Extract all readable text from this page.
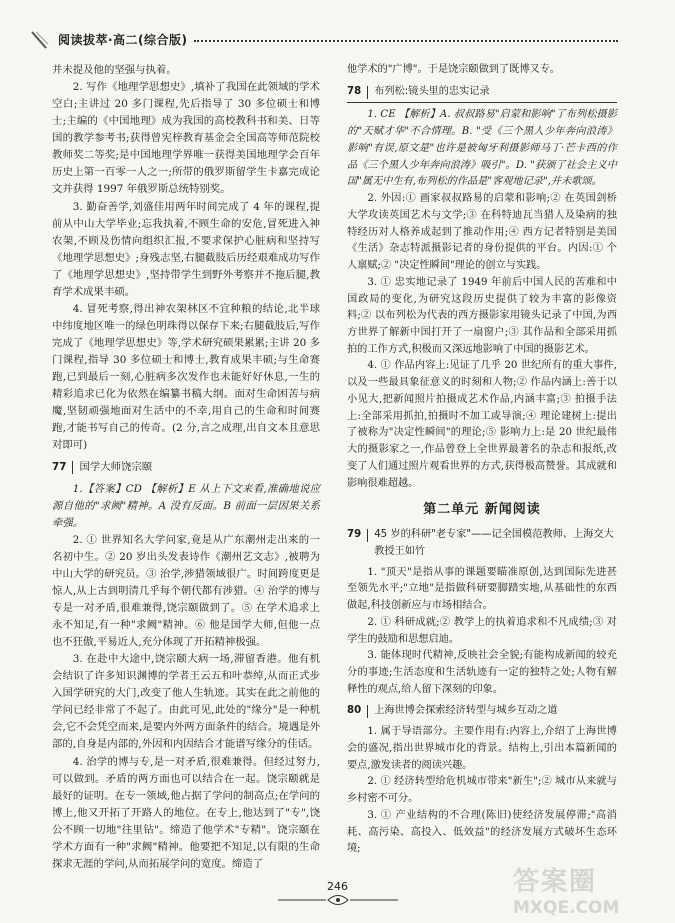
阅读拔萃·高二(综合版)

并未提及他的坚强与执着。

2. 写作《地理学思想史》,填补了我国在此领域的学术空白;主讲过 20 多门课程,先后指导了 30 多位硕士和博士;主编的《中国地理》成为我国的高校教科书和美、日等国的教学参考书;获得曾宪梓教育基金会全国高等师范院校教师奖二等奖;是中国地理学界唯一获得美国地理学会百年历史上第一百零一人之一;所带的俄罗斯留学生卡嘉完成论文并获得 1997 年俄罗斯总统特别奖。

3. 勤奋善学,刘盛佳用两年时间完成了 4 年的课程,提前从中山大学毕业;忘我执着,不顾生命的安危,冒死进入神农架,不顾及伤情向组织汇报,不要求保护心脏病和坚持写《地理学思想史》;身残志坚,右腿截肢后历经艰难成功写作了《地理学思想史》,坚持带学生到野外考察并不拖后腿,教育学术成果丰硕。

4. 冒死考察,得出神农架林区不宜种粮的结论,北半球中纬度地区唯一的绿色明珠得以保存下来;右腿截肢后,写作完成了《地理学思想史》等,学术研究硕果累累;主讲 20 多门课程,指导 30 多位硕士和博士,教育成果丰硕;与生命赛跑,已到最后一刻,心脏病多次发作也未能好好休息,一生的精彩追求已化为依然在编纂书稿大纲。面对生命困苦与病魔,坚韧顽强地面对生活中的不幸,用自己的生命和时间赛跑,才能书写自己的传奇。(2 分,言之成理,出自文本且意思对即可)

77 国学大师饶宗颐

1.【答案】CD 【解析】E 从上下文来看,准确地说应源自他的"求阙"精神。A 没有反面。B 前面一层因果关系牵强。

2. ① 世界知名大学问家,竟是从广东潮州走出来的一名初中生。② 20 岁出头发表诗作《潮州艺文志》,被聘为中山大学的研究员。③ 治学,涉猎领域很广。时间跨度更是惊人,从上古到明清几乎每个朝代都有涉猎。④ 治学的博与专是一对矛盾,很难兼得,饶宗颐做到了。⑤ 在学术追求上永不知足,有一种"求阙"精神。⑥ 他是国学大师,但他一点也不狂傲,平易近人,充分体现了开拓精神极强。

3. 在赴中大途中,饶宗颐大病一场,滞留香港。他有机会结识了许多知识渊博的学者王云五和叶恭绰,从而正式步入国学研究的大门,改变了他人生轨迹。其实在此之前他的学问已经非常了不起了。由此可见,此处的"缘分"是一种机会,它不会凭空而来,是要内外两方面条件的结合。境遇是外部的,自身是内部的,外因和内因结合才能谱写缘分的佳话。

4. 治学的博与专,是一对矛盾,很难兼得。但经过努力,可以做到。矛盾的两方面也可以结合在一起。饶宗颐就是最好的证明。在专一领域,他占据了学问的制高点;在学问的博上,他又开拓了开路人的地位。在专上,他达到了"专",饶公不顾一切地"往里钻"。缔造了他学术"专精"。饶宗颐在学术方面有一种"求阙"精神。他要把不知足,以有限的生命探求无涯的学问,从而拓展学问的宽度。缔造了

他学术的"广博"。于是饶宗颐做到了既博又专。

78 布列松:镜头里的忠实记录

1. CE 【解析】A. 叔叔路易"启蒙和影响"了布列松摄影的"天赋才华"不合情理。B. "受《三个黑人少年奔向浪涛》影响"有误,原文是"也许是被匈牙利摄影师马丁·芒卡西的作品《三个黑人少年奔向浪涛》吸引"。D. "获颁了社会主义中国"属无中生有,布列松的作品是"客观地记录",并未歌颂。

2. 外因:① 画家叔叔路易的启蒙和影响;② 在英国剑桥大学攻读英国艺术与文学;③ 在科特迪瓦当猎人及染病的独特经历对人格养成起到了推动作用;④ 西方记者特别是美国《生活》杂志特派摄影记者的身份提供的平台。内因:① 个人禀赋;② "决定性瞬间"理论的创立与实践。

3. ① 忠实地记录了 1949 年前后中国人民的苦难和中国政局的变化,为研究这段历史提供了较为丰富的影像资料;② 以布列松为代表的西方摄影家用镜头记录了中国,为西方世界了解新中国打开了一扇窗户;③ 其作品和全部采用抓拍的工作方式,积极而又深远地影响了中国的摄影艺术。

4. ① 作品内容上:见证了几乎 20 世纪所有的重大事件,以及一些最具象征意义的时刻和人物;② 作品内涵上:善于以小见大,把新闻照片拍摄成艺术作品,内涵丰富;③ 拍摄手法上:全部采用抓拍,拍摄时不加工或导演;④ 理论建树上:提出了被称为"决定性瞬间"的理论;⑤ 影响力上:是 20 世纪最伟大的摄影家之一,作品曾登上全世界最著名的杂志和报纸,改变了人们通过照片观看世界的方式,获得极高赞誉。其成就和影响很难超越。

第二单元 新闻阅读
79 45 岁的科研"老专家"——记全国模范教师、上海交大教授王如竹

1. "顶天"是指从事的课题要瞄准原创,达到国际先进甚至领先水平;"立地"是指做科研要脚踏实地,从基础性的东西做起,科技创新应与市场相结合。

2. ① 科研成就;② 教学上的执着追求和不凡成绩;③ 对学生的鼓励和思想启迪。

3. 能体现时代精神,反映社会全貌;有能构成新闻的较充分的事迹;生活态度和生活轨迹有一定的独特之处;人物有解释性的观点,给人留下深刻的印象。

80 上海世博会探索经济转型与城乡互动之道

1. 属于导语部分。主要作用有:内容上,介绍了上海世博会的盛况,指出世界城市化的背景。结构上,引出本篇新闻的要点,激发读者的阅读兴趣。

2. ① 经济转型给危机城市带来"新生";② 城市从来就与乡村密不可分。

3. ① 产业结构的不合理(陈旧)使经济发展停滞;"高消耗、高污染、高投入、低效益"的经济发展方式破坏生态环境;

246	答案圈
MXQE.COM
